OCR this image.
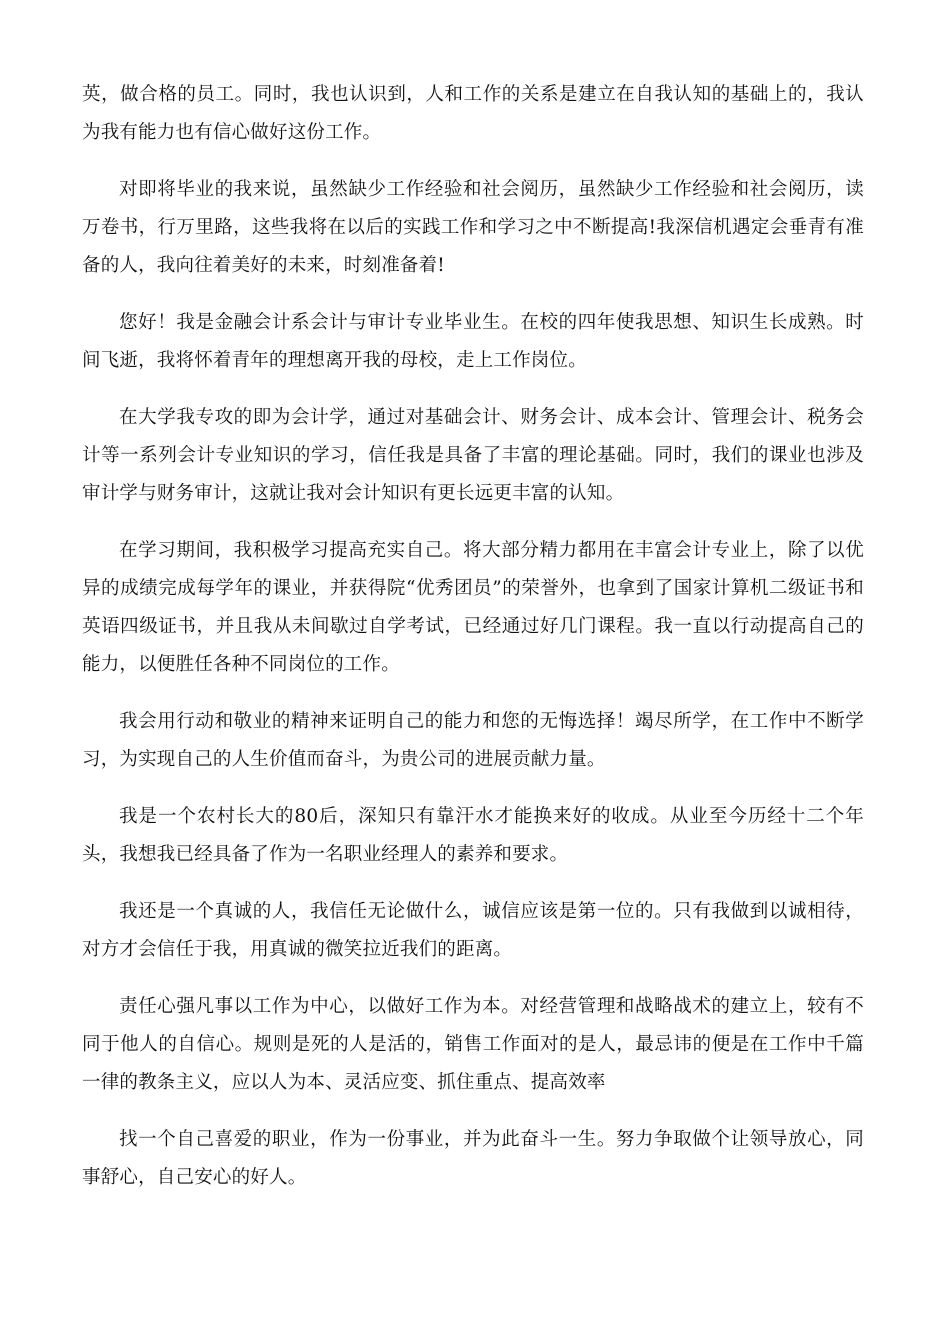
英，做合格的员工。同时，我也认识到，人和工作的关系是建立在自我认知的基础上的，我认为我有能力也有信心做好这份工作。

对即将毕业的我来说，虽然缺少工作经验和社会阅历，虽然缺少工作经验和社会阅历，读万卷书，行万里路，这些我将在以后的实践工作和学习之中不断提高!我深信机遇定会垂青有准备的人，我向往着美好的未来，时刻准备着!

您好！我是金融会计系会计与审计专业毕业生。在校的四年使我思想、知识生长成熟。时间飞逝，我将怀着青年的理想离开我的母校，走上工作岗位。

在大学我专攻的即为会计学，通过对基础会计、财务会计、成本会计、管理会计、税务会计等一系列会计专业知识的学习，信任我是具备了丰富的理论基础。同时，我们的课业也涉及审计学与财务审计，这就让我对会计知识有更长远更丰富的认知。

在学习期间，我积极学习提高充实自己。将大部分精力都用在丰富会计专业上，除了以优异的成绩完成每学年的课业，并获得院“优秀团员”的荣誉外，也拿到了国家计算机二级证书和英语四级证书，并且我从未间歇过自学考试，已经通过好几门课程。我一直以行动提高自己的能力，以便胜任各种不同岗位的工作。

我会用行动和敬业的精神来证明自己的能力和您的无悔选择！竭尽所学，在工作中不断学习，为实现自己的人生价值而奋斗，为贵公司的进展贡献力量。

我是一个农村长大的80后，深知只有靠汗水才能换来好的收成。从业至今历经十二个年头，我想我已经具备了作为一名职业经理人的素养和要求。

我还是一个真诚的人，我信任无论做什么，诚信应该是第一位的。只有我做到以诚相待，对方才会信任于我，用真诚的微笑拉近我们的距离。

责任心强凡事以工作为中心，以做好工作为本。对经营管理和战略战术的建立上，较有不同于他人的自信心。规则是死的人是活的，销售工作面对的是人，最忌讳的便是在工作中千篇一律的教条主义，应以人为本、灵活应变、抓住重点、提高效率

找一个自己喜爱的职业，作为一份事业，并为此奋斗一生。努力争取做个让领导放心，同事舒心，自己安心的好人。
